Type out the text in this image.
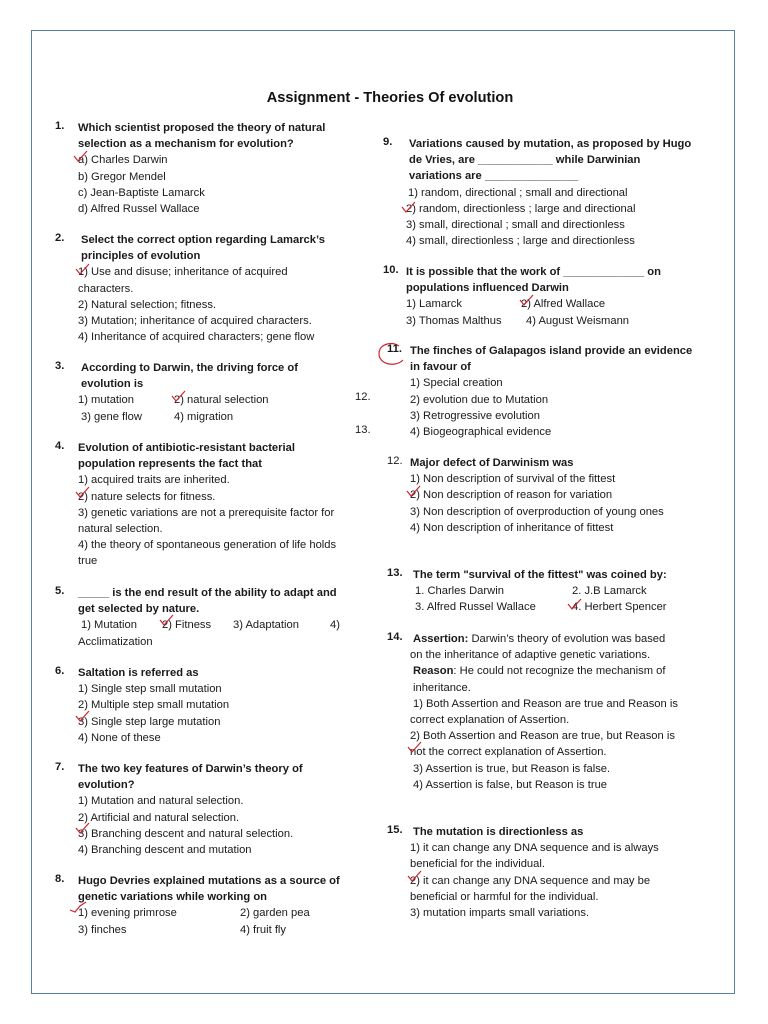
Assignment - Theories Of evolution
1. Which scientist proposed the theory of natural selection as a mechanism for evolution?
a) Charles Darwin
b) Gregor Mendel
c) Jean-Baptiste Lamarck
d) Alfred Russel Wallace
2. Select the correct option regarding Lamarck’s principles of evolution
1) Use and disuse; inheritance of acquired characters.
2) Natural selection; fitness.
3) Mutation; inheritance of acquired characters.
4) Inheritance of acquired characters; gene flow
3. According to Darwin, the driving force of evolution is
1) mutation	2) natural selection
3) gene flow	4) migration
4. Evolution of antibiotic-resistant bacterial population represents the fact that
1) acquired traits are inherited.
2) nature selects for fitness.
3) genetic variations are not a prerequisite factor for natural selection.
4) the theory of spontaneous generation of life holds true
5. _____ is the end result of the ability to adapt and get selected by nature.
1) Mutation 2) Fitness 3) Adaptation	4)
Acclimatization
6. Saltation is referred as
1) Single step small mutation
2) Multiple step small mutation
3) Single step large mutation
4) None of these
7. The two key features of Darwin’s theory of evolution?
1) Mutation and natural selection.
2) Artificial and natural selection.
3) Branching descent and natural selection.
4) Branching descent and mutation
8. Hugo Devries explained mutations as a source of genetic variations while working on
1) evening primrose	2) garden pea
3) finches	4) fruit fly
9. Variations caused by mutation, as proposed by Hugo de Vries, are ____________ while Darwinian variations are _______________
1) random, directional ; small and directional
2) random, directionless ; large and directional
3) small, directional ; small and directionless
4) small, directionless ; large and directionless
10. It is possible that the work of _____________ on populations influenced Darwin
1) Lamarck	2) Alfred Wallace
3) Thomas Malthus 4) August Weismann
11. The finches of Galapagos island provide an evidence in favour of
1) Special creation
2) evolution due to Mutation
3) Retrogressive evolution
4) Biogeographical evidence
12.
13.
12. Major defect of Darwinism was
1) Non description of survival of the fittest
2) Non description of reason for variation
3) Non description of overproduction of young ones
4) Non description of inheritance of fittest
13. The term "survival of the fittest" was coined by:
1. Charles Darwin	2. J.B Lamarck
3. Alfred Russel Wallace	4. Herbert Spencer
14. Assertion: Darwin’s theory of evolution was based on the inheritance of adaptive genetic variations.
Reason: He could not recognize the mechanism of inheritance.
1) Both Assertion and Reason are true and Reason is correct explanation of Assertion.
2) Both Assertion and Reason are true, but Reason is not the correct explanation of Assertion.
3) Assertion is true, but Reason is false.
4) Assertion is false, but Reason is true
15. The mutation is directionless as
1) it can change any DNA sequence and is always beneficial for the individual.
2) it can change any DNA sequence and may be beneficial or harmful for the individual.
3) mutation imparts small variations.
